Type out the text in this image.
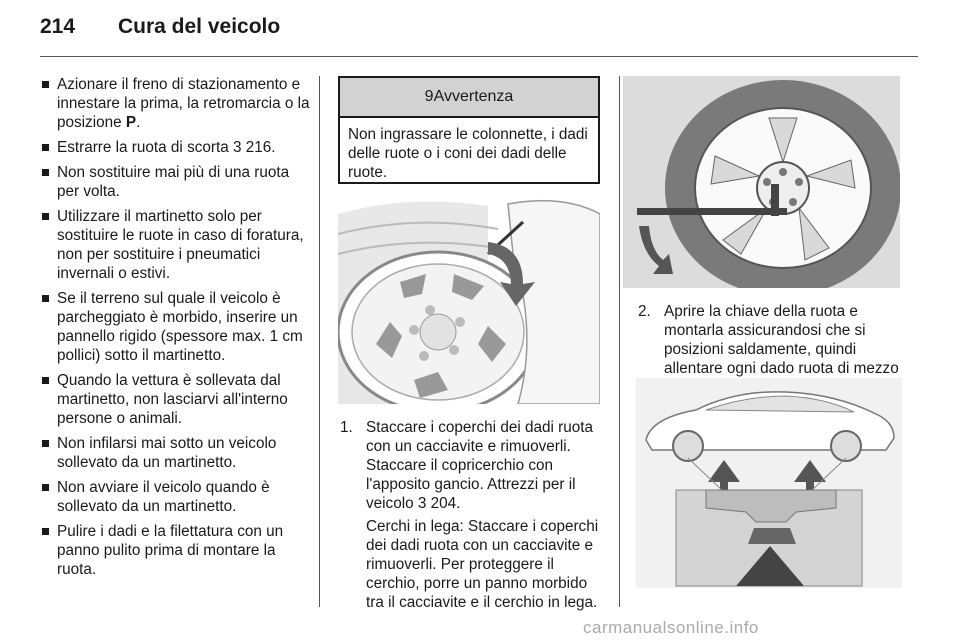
214 Cura del veicolo
Azionare il freno di stazionamento e innestare la prima, la retromarcia o la posizione P.
Estrarre la ruota di scorta 3 216.
Non sostituire mai più di una ruota per volta.
Utilizzare il martinetto solo per sostituire le ruote in caso di foratura, non per sostituire i pneumatici invernali o estivi.
Se il terreno sul quale il veicolo è parcheggiato è morbido, inserire un pannello rigido (spessore max. 1 cm pollici) sotto il martinetto.
Quando la vettura è sollevata dal martinetto, non lasciarvi all'interno persone o animali.
Non infilarsi mai sotto un veicolo sollevato da un martinetto.
Non avviare il veicolo quando è sollevato da un martinetto.
Pulire i dadi e la filettatura con un panno pulito prima di montare la ruota.
9 Avvertenza
Non ingrassare le colonnette, i dadi delle ruote o i coni dei dadi delle ruote.
1. Staccare i coperchi dei dadi ruota con un cacciavite e rimuoverli. Staccare il copricerchio con l'apposito gancio. Attrezzi per il veicolo 3 204.

Cerchi in lega: Staccare i coperchi dei dadi ruota con un cacciavite e rimuoverli. Per proteggere il cerchio, porre un panno morbido tra il cacciavite e il cerchio in lega.

2. Aprire la chiave della ruota e montarla assicurandosi che si posizioni saldamente, quindi allentare ogni dado ruota di mezzo

carmanualsonline.info
